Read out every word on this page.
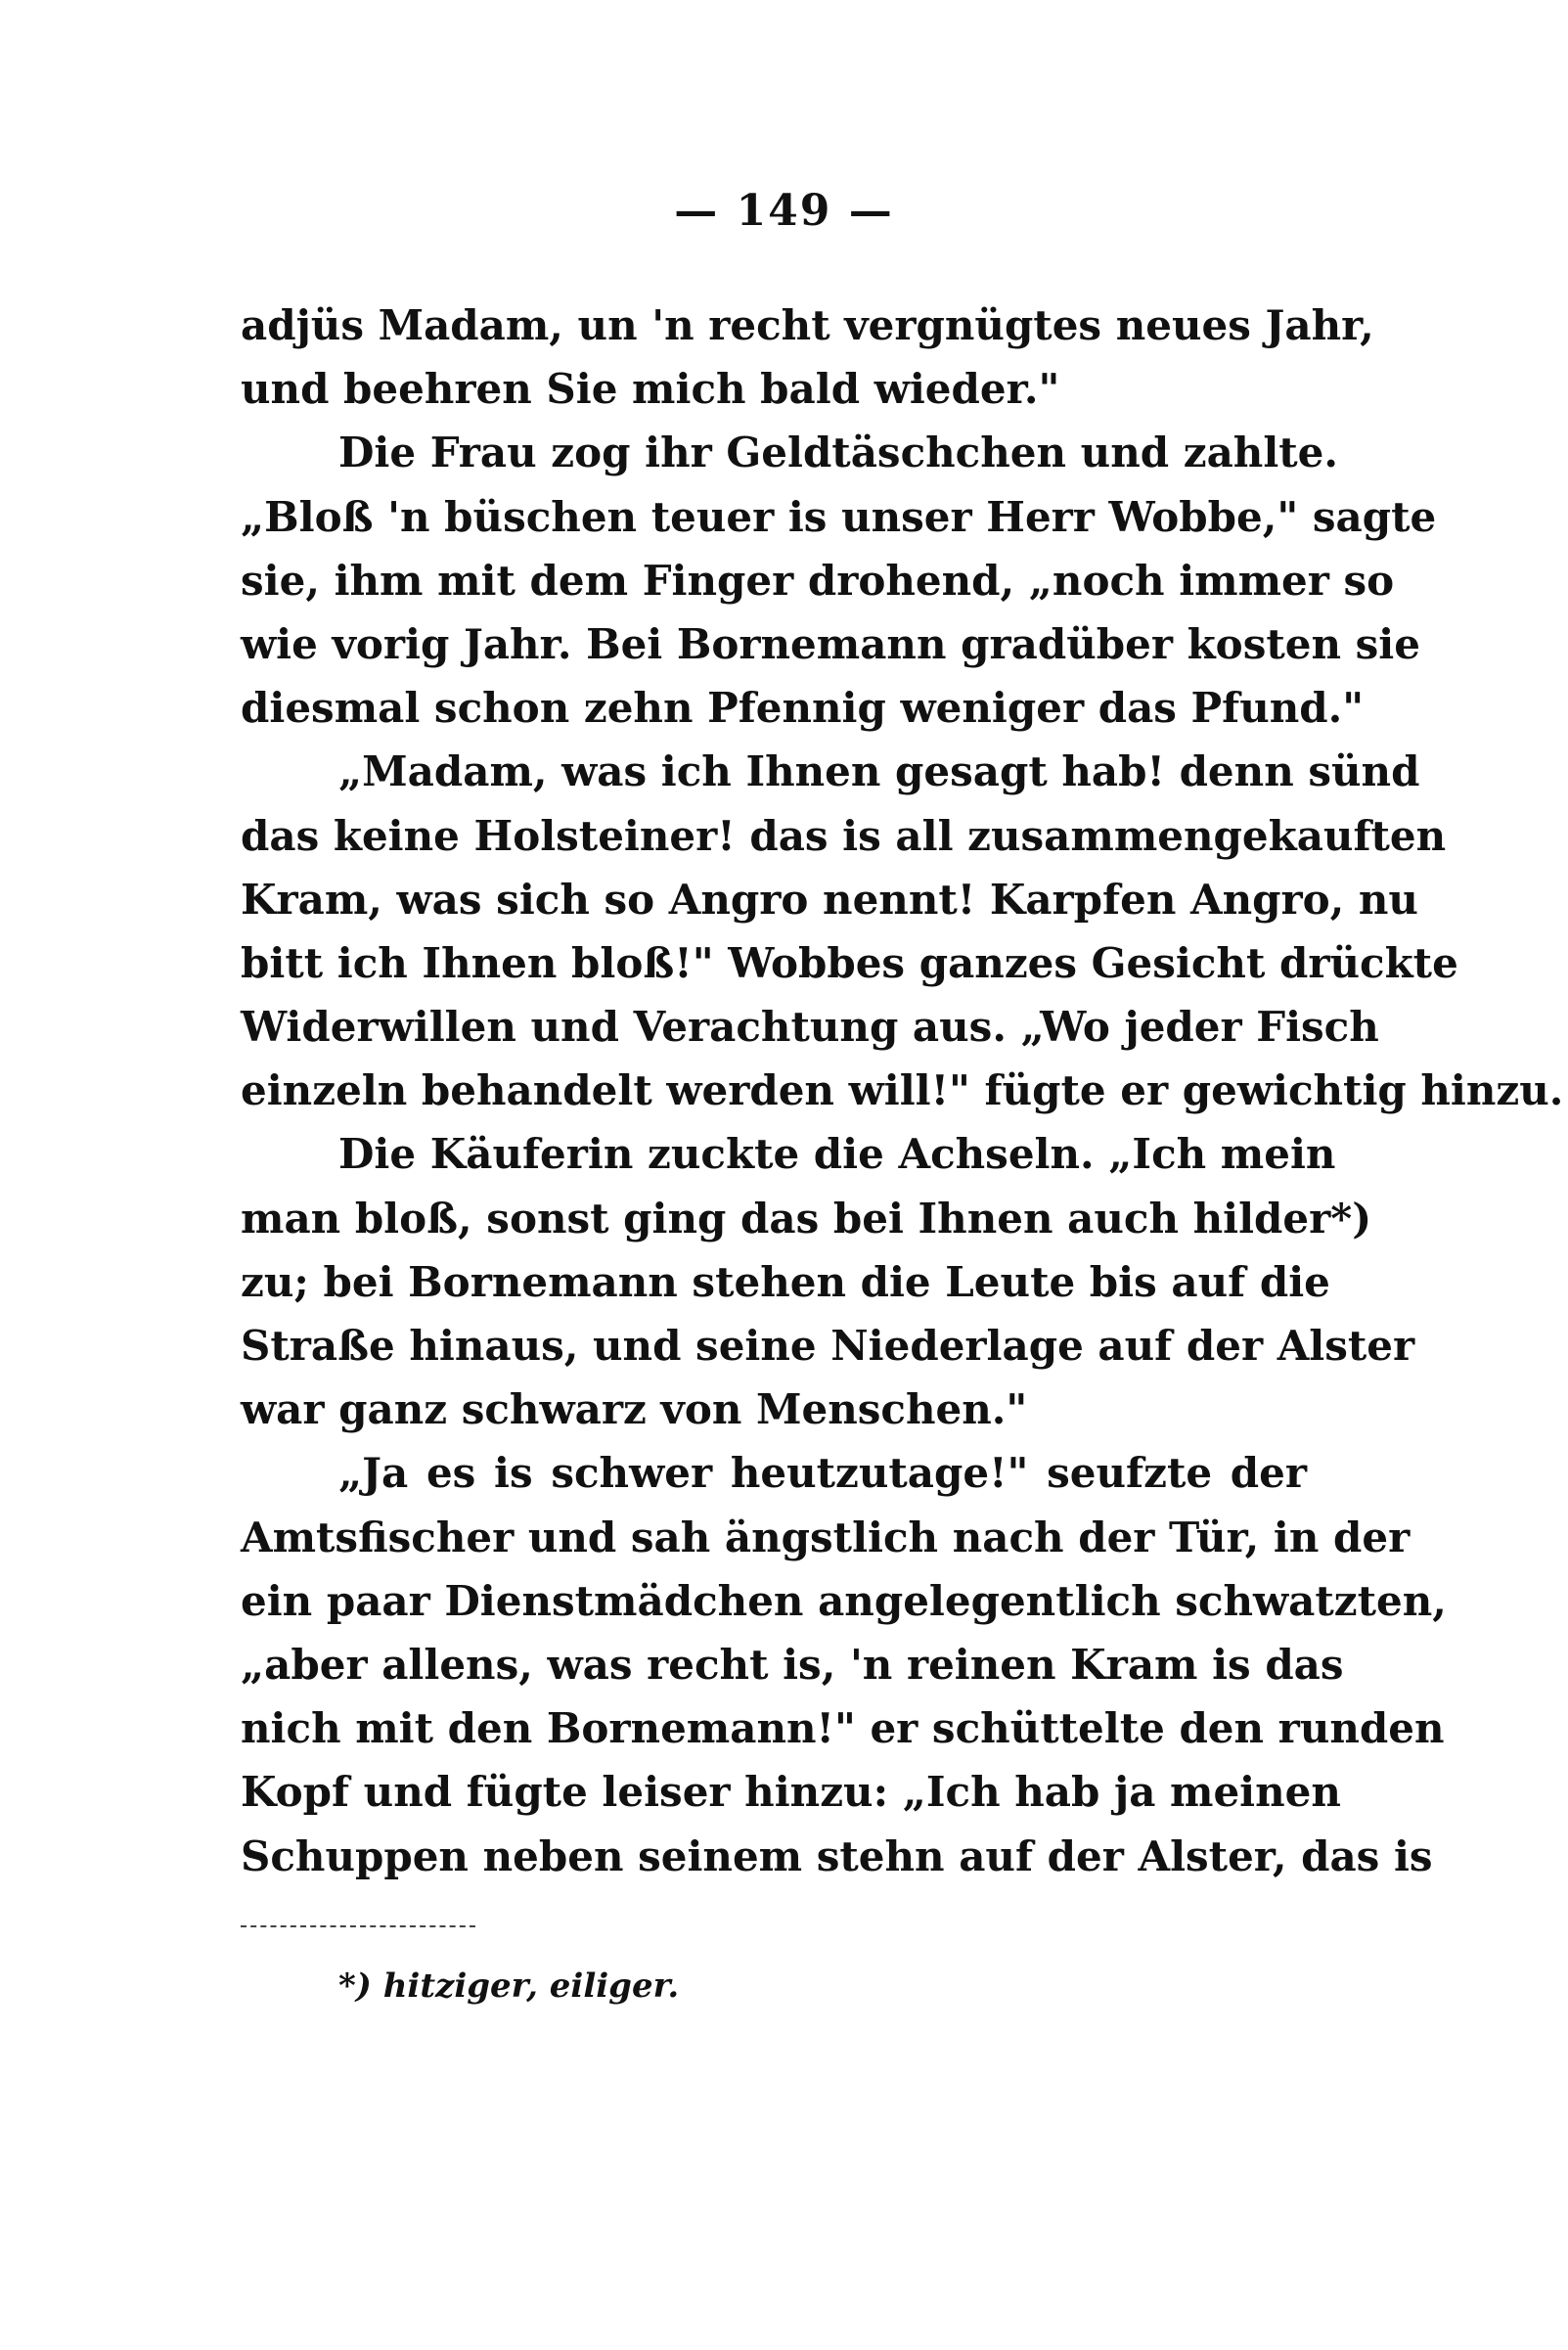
— 149 —
adjüs Madam, un 'n recht vergnügtes neues Jahr,
und beehren Sie mich bald wieder."
Die Frau zog ihr Geldtäschchen und zahlte.
„Bloß 'n büschen teuer is unser Herr Wobbe," sagte
sie, ihm mit dem Finger drohend, „noch immer so
wie vorig Jahr. Bei Bornemann gradüber kosten sie
diesmal schon zehn Pfennig weniger das Pfund."
„Madam, was ich Ihnen gesagt hab! denn sünd
das keine Holsteiner! das is all zusammengekauften
Kram, was sich so Angro nennt! Karpfen Angro, nu
bitt ich Ihnen bloß!" Wobbes ganzes Gesicht drückte
Widerwillen und Verachtung aus. „Wo jeder Fisch
einzeln behandelt werden will!" fügte er gewichtig hinzu.
Die Käuferin zuckte die Achseln. „Ich mein
man bloß, sonst ging das bei Ihnen auch hilder*)
zu; bei Bornemann stehen die Leute bis auf die
Straße hinaus, und seine Niederlage auf der Alster
war ganz schwarz von Menschen."
„Ja es is schwer heutzutage!" seufzte der
Amtsfischer und sah ängstlich nach der Tür, in der
ein paar Dienstmädchen angelegentlich schwatzten,
„aber allens, was recht is, 'n reinen Kram is das
nich mit den Bornemann!" er schüttelte den runden
Kopf und fügte leiser hinzu: „Ich hab ja meinen
Schuppen neben seinem stehn auf der Alster, das is
*) hitziger, eiliger.
